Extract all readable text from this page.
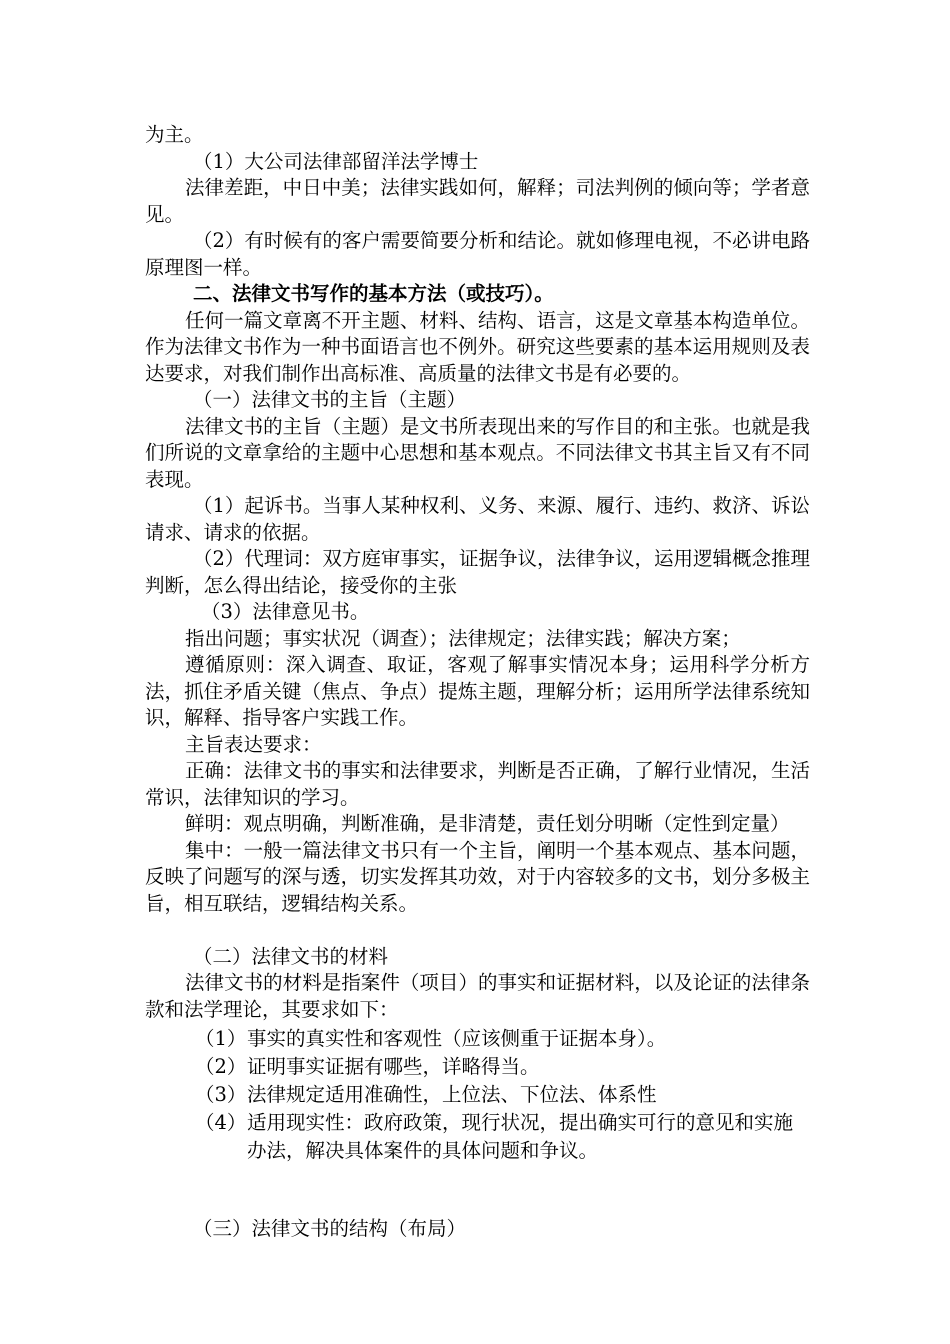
为主。

（1）大公司法律部留洋法学博士

法律差距，中日中美；法律实践如何，解释；司法判例的倾向等；学者意见。

（2）有时候有的客户需要简要分析和结论。就如修理电视，不必讲电路原理图一样。

二、法律文书写作的基本方法（或技巧）。

任何一篇文章离不开主题、材料、结构、语言，这是文章基本构造单位。作为法律文书作为一种书面语言也不例外。研究这些要素的基本运用规则及表达要求，对我们制作出高标准、高质量的法律文书是有必要的。

（一）法律文书的主旨（主题）

法律文书的主旨（主题）是文书所表现出来的写作目的和主张。也就是我们所说的文章拿给的主题中心思想和基本观点。不同法律文书其主旨又有不同表现。

（1）起诉书。当事人某种权利、义务、来源、履行、违约、救济、诉讼请求、请求的依据。

（2）代理词：双方庭审事实，证据争议，法律争议，运用逻辑概念推理判断，怎么得出结论，接受你的主张

（3）法律意见书。

指出问题；事实状况（调查）；法律规定；法律实践；解决方案；

遵循原则：深入调查、取证，客观了解事实情况本身；运用科学分析方法，抓住矛盾关键（焦点、争点）提炼主题，理解分析；运用所学法律系统知识，解释、指导客户实践工作。

主旨表达要求：

正确：法律文书的事实和法律要求，判断是否正确，了解行业情况，生活常识，法律知识的学习。

鲜明：观点明确，判断准确，是非清楚，责任划分明晰（定性到定量）

集中：一般一篇法律文书只有一个主旨，阐明一个基本观点、基本问题，反映了问题写的深与透，切实发挥其功效，对于内容较多的文书，划分多极主旨，相互联结，逻辑结构关系。

（二）法律文书的材料

法律文书的材料是指案件（项目）的事实和证据材料，以及论证的法律条款和法学理论，其要求如下：

（1） 事实的真实性和客观性（应该侧重于证据本身）。
（2） 证明事实证据有哪些，详略得当。
（3） 法律规定适用准确性，上位法、下位法、体系性
（4） 适用现实性：政府政策，现行状况，提出确实可行的意见和实施办法，解决具体案件的具体问题和争议。

（三）法律文书的结构（布局）
